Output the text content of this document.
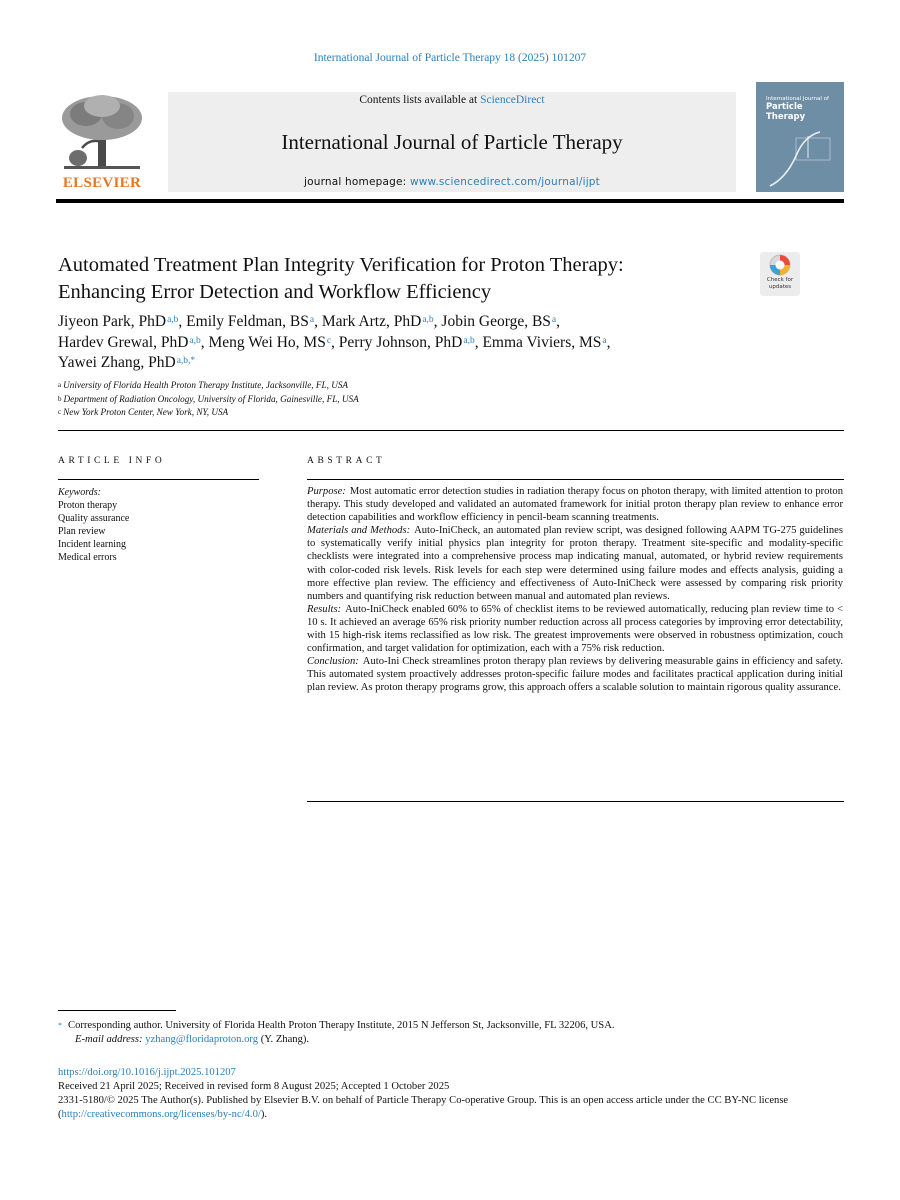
International Journal of Particle Therapy 18 (2025) 101207
ELSEVIER
Contents lists available at ScienceDirect
International Journal of Particle Therapy
journal homepage: www.sciencedirect.com/journal/ijpt
International Journal of
Particle Therapy
Automated Treatment Plan Integrity Verification for Proton Therapy:
Enhancing Error Detection and Workflow Efficiency
Check for
updates
Jiyeon Park, PhD$^{a,b}$, Emily Feldman, $BS^a$, Mark Artz, PhD$^{a,b}$, Jobin George, $BS^a$,
Hardev Grewal, PhD$^{a,b}$, Meng Wei Ho, $MS^c$, Perry Johnson, PhD$^{a,b}$, Emma Viviers, $MS^a$,
Yawei Zhang, PhD$^{a,b,*}$
$^a$ University of Florida Health Proton Therapy Institute, Jacksonville, FL, USA
$^b$ Department of Radiation Oncology, University of Florida, Gainesville, FL, USA
$^c$ New York Proton Center, New York, NY, USA
ARTICLE INFO	ABSTRACT
Keywords:
Proton therapy
Quality assurance
Plan review
Incident learning
Medical errors
Purpose: Most automatic error detection studies in radiation therapy focus on photon therapy, with limited attention to proton therapy. This study developed and validated an automated framework for initial proton therapy plan review to enhance error detection capabilities and workflow efficiency in pencil-beam scanning treatments.
Materials and Methods: Auto-IniCheck, an automated plan review script, was designed following AAPM TG-275 guidelines to systematically verify initial physics plan integrity for proton therapy. Treatment site-specific and modality-specific checklists were integrated into a comprehensive process map indicating manual, automated, or hybrid review requirements with color-coded risk levels. Risk levels for each step were determined using failure modes and effects analysis, guiding a more effective plan review. The efficiency and effectiveness of Auto-IniCheck were assessed by comparing risk priority numbers and quantifying risk reduction between manual and automated plan reviews.
Results: Auto-IniCheck enabled 60% to 65% of checklist items to be reviewed automatically, reducing plan review time to < 10 s. It achieved an average 65% risk priority number reduction across all process categories by improving error detectability, with 15 high-risk items reclassified as low risk. The greatest improvements were observed in robustness optimization, couch confirmation, and target validation for optimization, each with a 75% risk reduction.
Conclusion: Auto-Ini Check streamlines proton therapy plan reviews by delivering measurable gains in efficiency and safety. This automated system proactively addresses proton-specific failure modes and facilitates practical application during initial plan review. As proton therapy programs grow, this approach offers a scalable solution to maintain rigorous quality assurance.
* Corresponding author. University of Florida Health Proton Therapy Institute, 2015 N Jefferson St, Jacksonville, FL 32206, USA.
E-mail address: yzhang@floridaproton.org (Y. Zhang).
https://doi.org/10.1016/j.ijpt.2025.101207
Received 21 April 2025; Received in revised form 8 August 2025; Accepted 1 October 2025
2331-5180/© 2025 The Author(s). Published by Elsevier B.V. on behalf of Particle Therapy Co-operative Group. This is an open access article under the CC BY-NC license (http://creativecommons.org/licenses/by-nc/4.0/).
